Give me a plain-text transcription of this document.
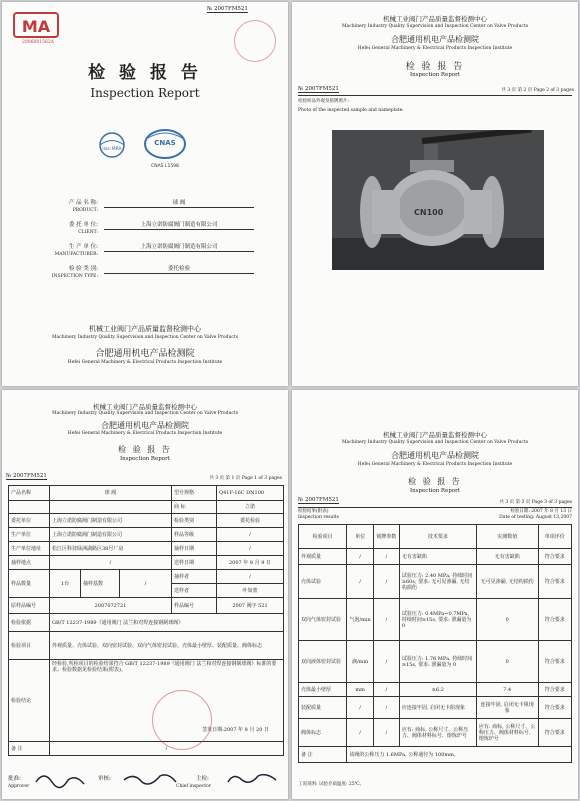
№ 2007FM521
MA
2006001562A
检 验 报 告
Inspection Report
ilac-MRA
CNAS
CNAS L1598
产 品 名 称:
PRODUCT:
球 阀
委 托 单 位:
CLIENT:
上海立诺防腐阀门制造有限公司
生 产 单 位:
MANUFACTURER:
上海立诺防腐阀门制造有限公司
检 验 类 别:
INSPECTION TYPE:
委托检验
机械工业阀门产品质量监督检测中心
Machinery Industry Quality Supervision and Inspection Center on Valve Products
合肥通用机电产品检测院
Hefei General Machinery & Electrical Products Inspection Institute
机械工业阀门产品质量监督检测中心
Machinery Industry Quality Supervision and Inspection Center on Valve Products
合肥通用机电产品检测院
Hefei General Machinery & Electrical Products Inspection Institute
检 验 报 告
Inspection Report
№ 2007FM521	共 3 页 第 2 页 Page 2 of 3 pages
检验样品外观及铭牌照片:
Photo of the inspected sample and nameplate:
CN100
机械工业阀门产品质量监督检测中心
Machinery Industry Quality Supervision and Inspection Center on Valve Products
合肥通用机电产品检测院
Hefei General Machinery & Electrical Products Inspection Institute
检 验 报 告
Inspection Report
№ 2007FM521	共 3 页 第 1 页 Page 1 of 3 pages
产品名称	球 阀			型号规格	Q41F-16C DN100
				商 标	立诺
委托单位	上海立诺防腐阀门制造有限公司			检验类别	委托检验
生产单位	上海立诺防腐阀门制造有限公司			样品等级	/
生产单位地址	松江区科技绿洲湖路区38号厂房			抽样日期	/
抽样地点	/			送样日期	2007 年 8 月 9 日
样品数量	1台	抽样基数	/	抽样者	/
				送样者	叶如蕾
原样品编号	2007072721			样品编号	2007 阀字 521
检验依据	GB/T 12237-1989《通用阀门 法兰和对焊连接钢制球阀》				
检验项目	外观质量、壳体试验、双向密封试验、双向气体密封试验、壳体最小壁厚、装配质量、阀体标志				
检验结论	经检验,所检项目的检验结果符合 GB/T 12237-1989《通用阀门 法兰和对焊连接钢制球阀》标准的要求。检验数据见检验结果(附表)。
签发日期:2007 年 8 月 20 日				

备 注	/				
批准:
Approver
审核:	主检:
Chief inspector
机械工业阀门产品质量监督检测中心
Machinery Industry Quality Supervision and Inspection Center on Valve Products
合肥通用机电产品检测院
Hefei General Machinery & Electrical Products Inspection Institute
检 验 报 告
Inspection Report
№ 2007FM521	共 3 页 第 3 页 Page 3 of 3 pages
检验结果(附表)
Inspection results
检验日期: 2007 年 8 月 13 日
Date of testing: August 13,2007
检验项目	单位	铭牌参数	技术要求	实测数值	单项评价
外观质量	/	/	无有害缺陷	无有害缺陷	符合要求
壳体试验	/	/	试验压力: 2.40 MPa, 持续时间≥60s, 要求: 无可见渗漏, 无结构损伤	无可见渗漏, 无结构损伤	符合要求
双向气体密封试验	气泡/min	/	试验压力: 0.4MPa~0.7MPa, 持续时间≥15s, 要求: 泄漏量为 0	0	符合要求
双向液体密封试验	滴/min	/	试验压力: 1.76 MPa, 持续时间≥15s, 要求: 泄漏量为 0	0	符合要求
壳体最小壁厚	mm	/	≥6.2	7.4	符合要求
装配质量	/	/	应连接牢固, 启闭无卡阻现象	连接牢固, 启闭无卡阻现象	符合要求
阀体标志	/	/	应有: 商标, 公称尺寸、公称压力、阀体材料标号、熔炼炉号	应有: 商标, 公称尺寸、公称压力、阀体材料标号、熔炼炉号	符合要求
备 注	该阀的公称压力 1.6MPa, 公称通径为 100mm。				
工况说明: 试验介质温度: 25℃。
